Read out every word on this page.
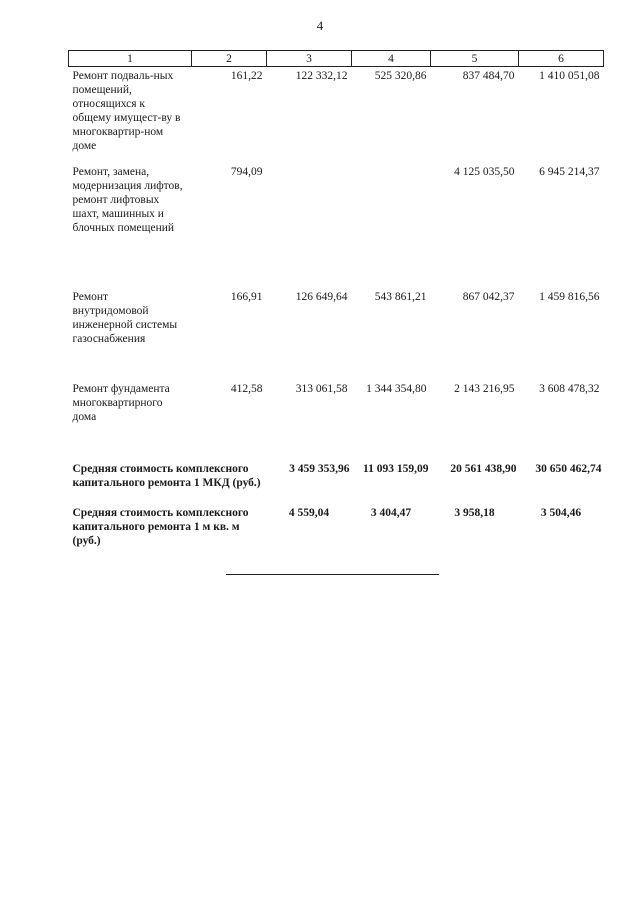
4
1	2	3	4	5	6
Ремонт подваль-ных помещений, относящихся к общему имущест-ву в многоквартир-ном доме	161,22	122 332,12	525 320,86	837 484,70	1 410 051,08
Ремонт, замена, модернизация лифтов, ремонт лифтовых шахт, машинных и блочных помещений	794,09			4 125 035,50	6 945 214,37
Ремонт внутридомовой инженерной системы газоснабжения	166,91	126 649,64	543 861,21	867 042,37	1 459 816,56
Ремонт фундамента многоквартирного дома	412,58	313 061,58	1 344 354,80	2 143 216,95	3 608 478,32
Средняя стоимость комплексного капитального ремонта 1 МКД (руб.)		3 459 353,96	11 093 159,09	20 561 438,90	30 650 462,74
Средняя стоимость комплексного капитального ремонта 1 м кв. м (руб.)		4 559,04	3 404,47	3 958,18	3 504,46
